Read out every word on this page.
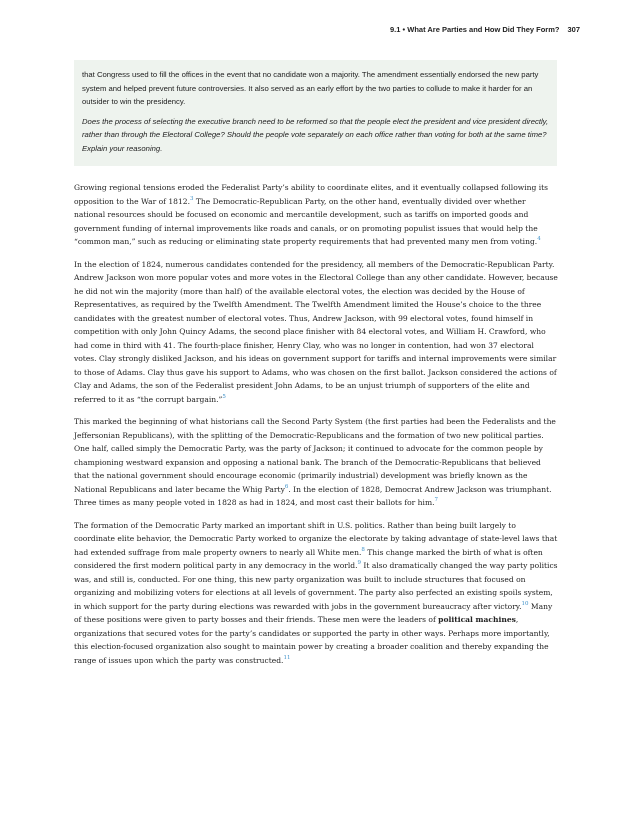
9.1 • What Are Parties and How Did They Form? 307

that Congress used to fill the offices in the event that no candidate won a majority. The amendment essentially endorsed the new party system and helped prevent future controversies. It also served as an early effort by the two parties to collude to make it harder for an outsider to win the presidency.

Does the process of selecting the executive branch need to be reformed so that the people elect the president and vice president directly, rather than through the Electoral College? Should the people vote separately on each office rather than voting for both at the same time? Explain your reasoning.

Growing regional tensions eroded the Federalist Party’s ability to coordinate elites, and it eventually collapsed following its opposition to the War of 1812.$^3$ The Democratic-Republican Party, on the other hand, eventually divided over whether national resources should be focused on economic and mercantile development, such as tariffs on imported goods and government funding of internal improvements like roads and canals, or on promoting populist issues that would help the “common man,” such as reducing or eliminating state property requirements that had prevented many men from voting.$^4$

In the election of 1824, numerous candidates contended for the presidency, all members of the Democratic-Republican Party. Andrew Jackson won more popular votes and more votes in the Electoral College than any other candidate. However, because he did not win the majority (more than half) of the available electoral votes, the election was decided by the House of Representatives, as required by the Twelfth Amendment. The Twelfth Amendment limited the House’s choice to the three candidates with the greatest number of electoral votes. Thus, Andrew Jackson, with 99 electoral votes, found himself in competition with only John Quincy Adams, the second place finisher with 84 electoral votes, and William H. Crawford, who had come in third with 41. The fourth-place finisher, Henry Clay, who was no longer in contention, had won 37 electoral votes. Clay strongly disliked Jackson, and his ideas on government support for tariffs and internal improvements were similar to those of Adams. Clay thus gave his support to Adams, who was chosen on the first ballot. Jackson considered the actions of Clay and Adams, the son of the Federalist president John Adams, to be an unjust triumph of supporters of the elite and referred to it as “the corrupt bargain.”$^5$

This marked the beginning of what historians call the Second Party System (the first parties had been the Federalists and the Jeffersonian Republicans), with the splitting of the Democratic-Republicans and the formation of two new political parties. One half, called simply the Democratic Party, was the party of Jackson; it continued to advocate for the common people by championing westward expansion and opposing a national bank. The branch of the Democratic-Republicans that believed that the national government should encourage economic (primarily industrial) development was briefly known as the National Republicans and later became the Whig Party$^6$. In the election of 1828, Democrat Andrew Jackson was triumphant. Three times as many people voted in 1828 as had in 1824, and most cast their ballots for him.$^7$

The formation of the Democratic Party marked an important shift in U.S. politics. Rather than being built largely to coordinate elite behavior, the Democratic Party worked to organize the electorate by taking advantage of state-level laws that had extended suffrage from male property owners to nearly all White men.$^8$ This change marked the birth of what is often considered the first modern political party in any democracy in the world.$^9$ It also dramatically changed the way party politics was, and still is, conducted. For one thing, this new party organization was built to include structures that focused on organizing and mobilizing voters for elections at all levels of government. The party also perfected an existing spoils system, in which support for the party during elections was rewarded with jobs in the government bureaucracy after victory.$^{10}$ Many of these positions were given to party bosses and their friends. These men were the leaders of political machines, organizations that secured votes for the party’s candidates or supported the party in other ways. Perhaps more importantly, this election-focused organization also sought to maintain power by creating a broader coalition and thereby expanding the range of issues upon which the party was constructed.$^{11}$
